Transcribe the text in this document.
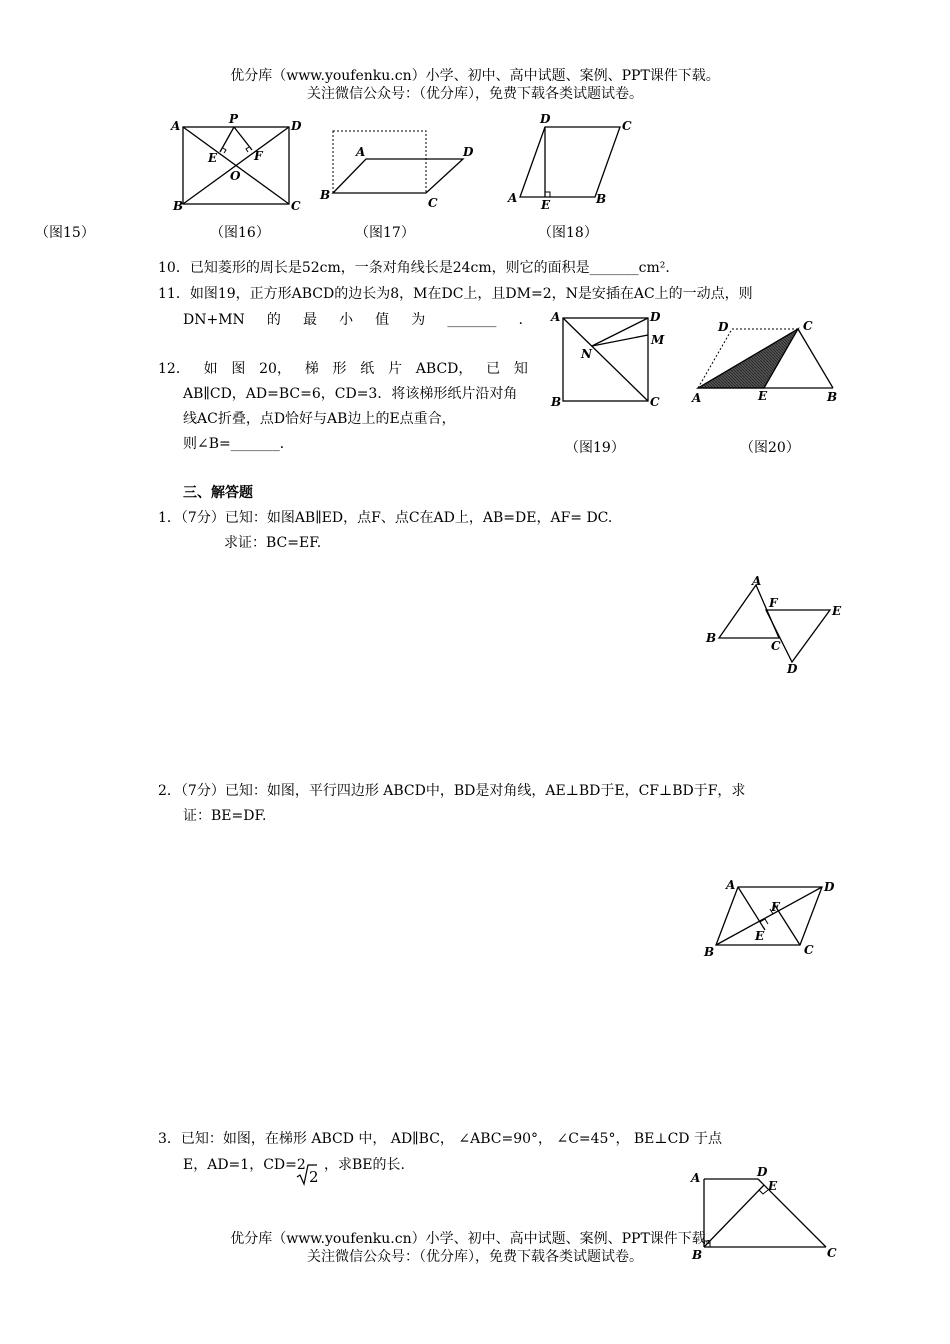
优分库（www.youfenku.cn）小学、初中、高中试题、案例、PPT课件下载。
关注微信公众号：（优分库），免费下载各类试题试卷。
A	P	D
E	F
O
B	C
A	D
B
C
D	C
A E	B
（图15）	（图16）	（图17）	（图18）
10．已知菱形的周长是52cm，一条对角线长是24cm，则它的面积是_______cm².
11．如图19，正方形ABCD的边长为8，M在DC上，且DM=2，N是安插在AC上的一动点，则
DN+MN 的 最 小 值 为 _______ .
12． 如 图 20， 梯 形 纸 片 ABCD， 已 知
AB∥CD，AD=BC=6，CD=3．将该梯形纸片沿对角
线AC折叠，点D恰好与AB边上的E点重合，
则∠B=_______．
A	D
M
N
B	C
D	C
A	E	B
（图19）	（图20）
三、解答题
1．（7分）已知：如图AB∥ED，点F、点C在AD上，AB=DE，AF= DC.
求证：BC=EF.
A
F
E
B
C
D
2．（7分）已知：如图，平行四边形 ABCD中，BD是对角线，AE⊥BD于E，CF⊥BD于F，求
证：BE=DF.
A	D
F
E
B	C
3．已知：如图，在梯形 ABCD 中， AD∥BC， ∠ABC=90°， ∠C=45°， BE⊥CD 于点
E，AD=1，CD=2
2
，求BE的长.
A	D
E
B	C
优分库（www.youfenku.cn）小学、初中、高中试题、案例、PPT课件下载。
关注微信公众号：（优分库），免费下载各类试题试卷。
